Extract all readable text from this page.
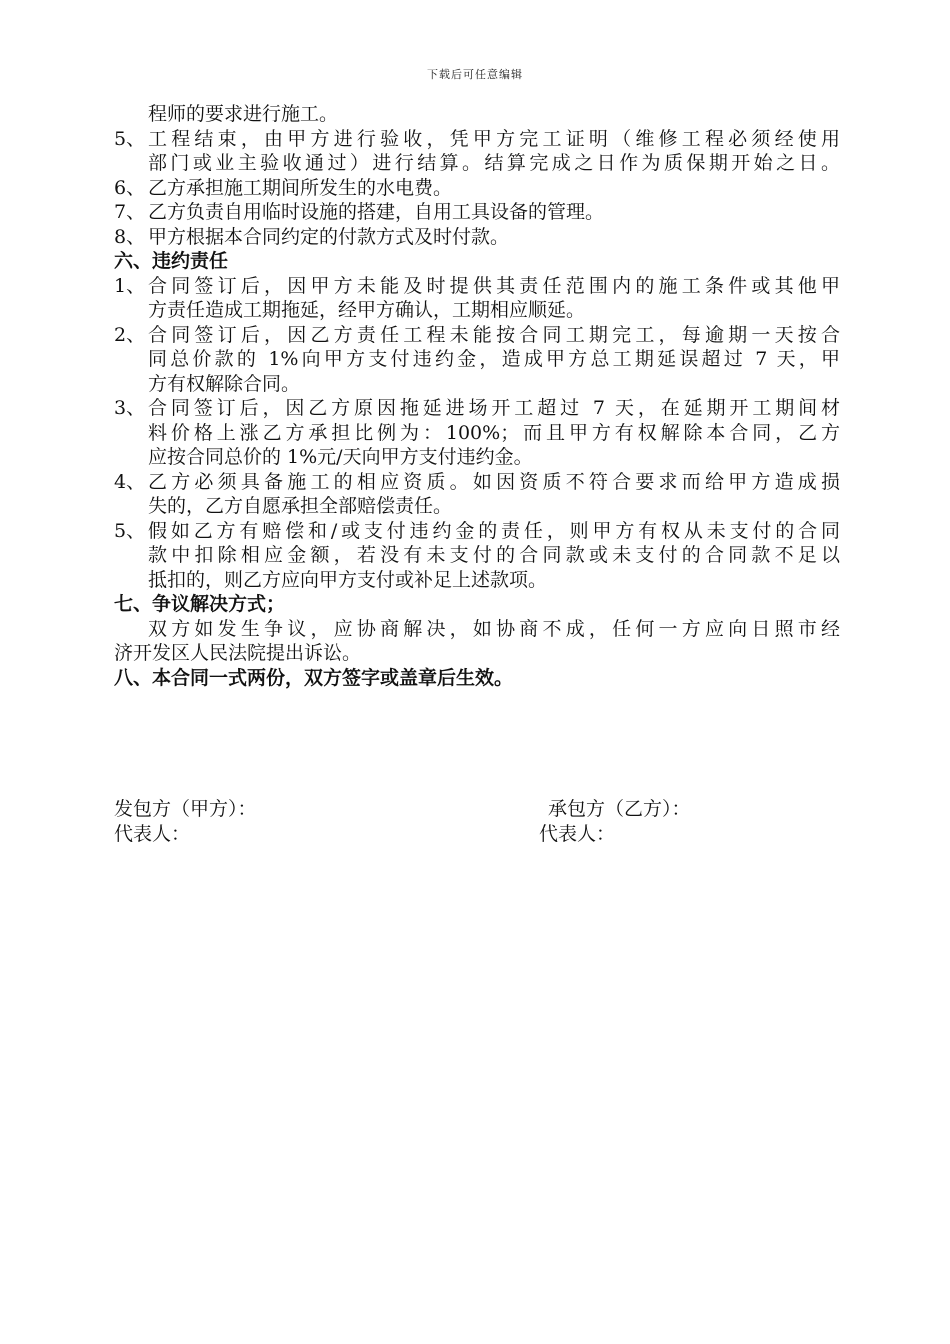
下载后可任意编辑
程师的要求进行施工。
5、 工程结束，由甲方进行验收，凭甲方完工证明（维修工程必须经使用
部门或业主验收通过）进行结算。结算完成之日作为质保期开始之日。
6、 乙方承担施工期间所发生的水电费。
7、 乙方负责自用临时设施的搭建，自用工具设备的管理。
8、 甲方根据本合同约定的付款方式及时付款。
六、违约责任
1、 合同签订后，因甲方未能及时提供其责任范围内的施工条件或其他甲
方责任造成工期拖延，经甲方确认，工期相应顺延。
2、 合同签订后，因乙方责任工程未能按合同工期完工，每逾期一天按合
同总价款的 1%向甲方支付违约金，造成甲方总工期延误超过 7 天，甲
方有权解除合同。
3、 合同签订后，因乙方原因拖延进场开工超过 7 天，在延期开工期间材
料价格上涨乙方承担比例为：100%；而且甲方有权解除本合同，乙方
应按合同总价的 1%元/天向甲方支付违约金。
4、 乙方必须具备施工的相应资质。如因资质不符合要求而给甲方造成损
失的，乙方自愿承担全部赔偿责任。
5、 假如乙方有赔偿和/或支付违约金的责任，则甲方有权从未支付的合同
款中扣除相应金额，若没有未支付的合同款或未支付的合同款不足以
抵扣的，则乙方应向甲方支付或补足上述款项。
七、争议解决方式；
双方如发生争议，应协商解决，如协商不成，任何一方应向日照市经
济开发区人民法院提出诉讼。
八、本合同一式两份，双方签字或盖章后生效。
发包方（甲方）：
代表人：
承包方（乙方）：
代表人：
